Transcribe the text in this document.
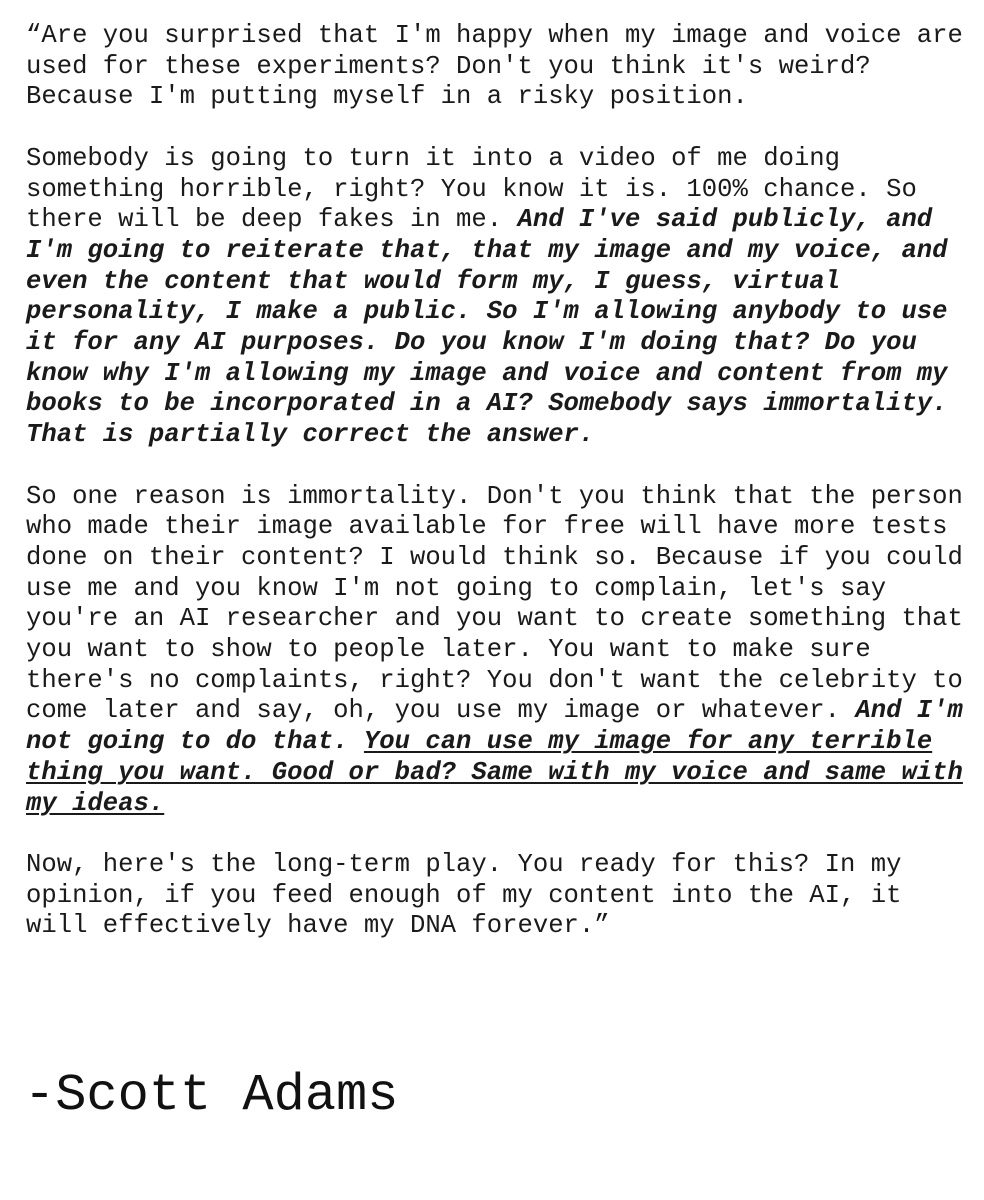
“Are you surprised that I'm happy when my image and voice are used for these experiments? Don't you think it's weird? Because I'm putting myself in a risky position.

Somebody is going to turn it into a video of me doing something horrible, right? You know it is. 100% chance. So there will be deep fakes in me. And I've said publicly, and I'm going to reiterate that, that my image and my voice, and even the content that would form my, I guess, virtual personality, I make a public. So I'm allowing anybody to use it for any AI purposes. Do you know I'm doing that? Do you know why I'm allowing my image and voice and content from my books to be incorporated in a AI? Somebody says immortality. That is partially correct the answer.

So one reason is immortality. Don't you think that the person who made their image available for free will have more tests done on their content? I would think so. Because if you could use me and you know I'm not going to complain, let's say you're an AI researcher and you want to create something that you want to show to people later. You want to make sure there's no complaints, right? You don't want the celebrity to come later and say, oh, you use my image or whatever. And I'm not going to do that. You can use my image for any terrible thing you want. Good or bad? Same with my voice and same with my ideas.

Now, here's the long-term play. You ready for this? In my opinion, if you feed enough of my content into the AI, it will effectively have my DNA forever.”

-Scott Adams
